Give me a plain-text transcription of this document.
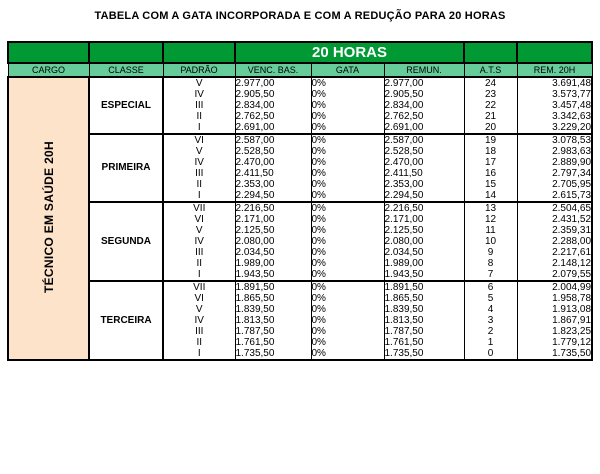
TABELA COM A GATA INCORPORADA E COM A REDUÇÃO PARA 20 HORAS
			20 HORAS				
CARGO	CLASSE	PADRÃO	VENC. BAS.	GATA	REMUN.	A.T.S	REM. 20H
TÉCNICO EM SAÚDE 20H	ESPECIAL	V	2.977,00	0%	2.977,00	24	3.691,48
		IV	2.905,50	0%	2.905,50	23	3.573,77
		III	2.834,00	0%	2.834,00	22	3.457,48
		II	2.762,50	0%	2.762,50	21	3.342,63
		I	2.691,00	0%	2.691,00	20	3.229,20
	PRIMEIRA	VI	2.587,00	0%	2.587,00	19	3.078,53
		V	2.528,50	0%	2.528,50	18	2.983,63
		IV	2.470,00	0%	2.470,00	17	2.889,90
		III	2.411,50	0%	2.411,50	16	2.797,34
		II	2.353,00	0%	2.353,00	15	2.705,95
		I	2.294,50	0%	2.294,50	14	2.615,73
	SEGUNDA	VII	2.216,50	0%	2.216,50	13	2.504,65
		VI	2.171,00	0%	2.171,00	12	2.431,52
		V	2.125,50	0%	2.125,50	11	2.359,31
		IV	2.080,00	0%	2.080,00	10	2.288,00
		III	2.034,50	0%	2.034,50	9	2.217,61
		II	1.989,00	0%	1.989,00	8	2.148,12
		I	1.943,50	0%	1.943,50	7	2.079,55
	TERCEIRA	VII	1.891,50	0%	1.891,50	6	2.004,99
		VI	1.865,50	0%	1.865,50	5	1.958,78
		V	1.839,50	0%	1.839,50	4	1.913,08
		IV	1.813,50	0%	1.813,50	3	1.867,91
		III	1.787,50	0%	1.787,50	2	1.823,25
		II	1.761,50	0%	1.761,50	1	1.779,12
		I	1.735,50	0%	1.735,50	0	1.735,50
